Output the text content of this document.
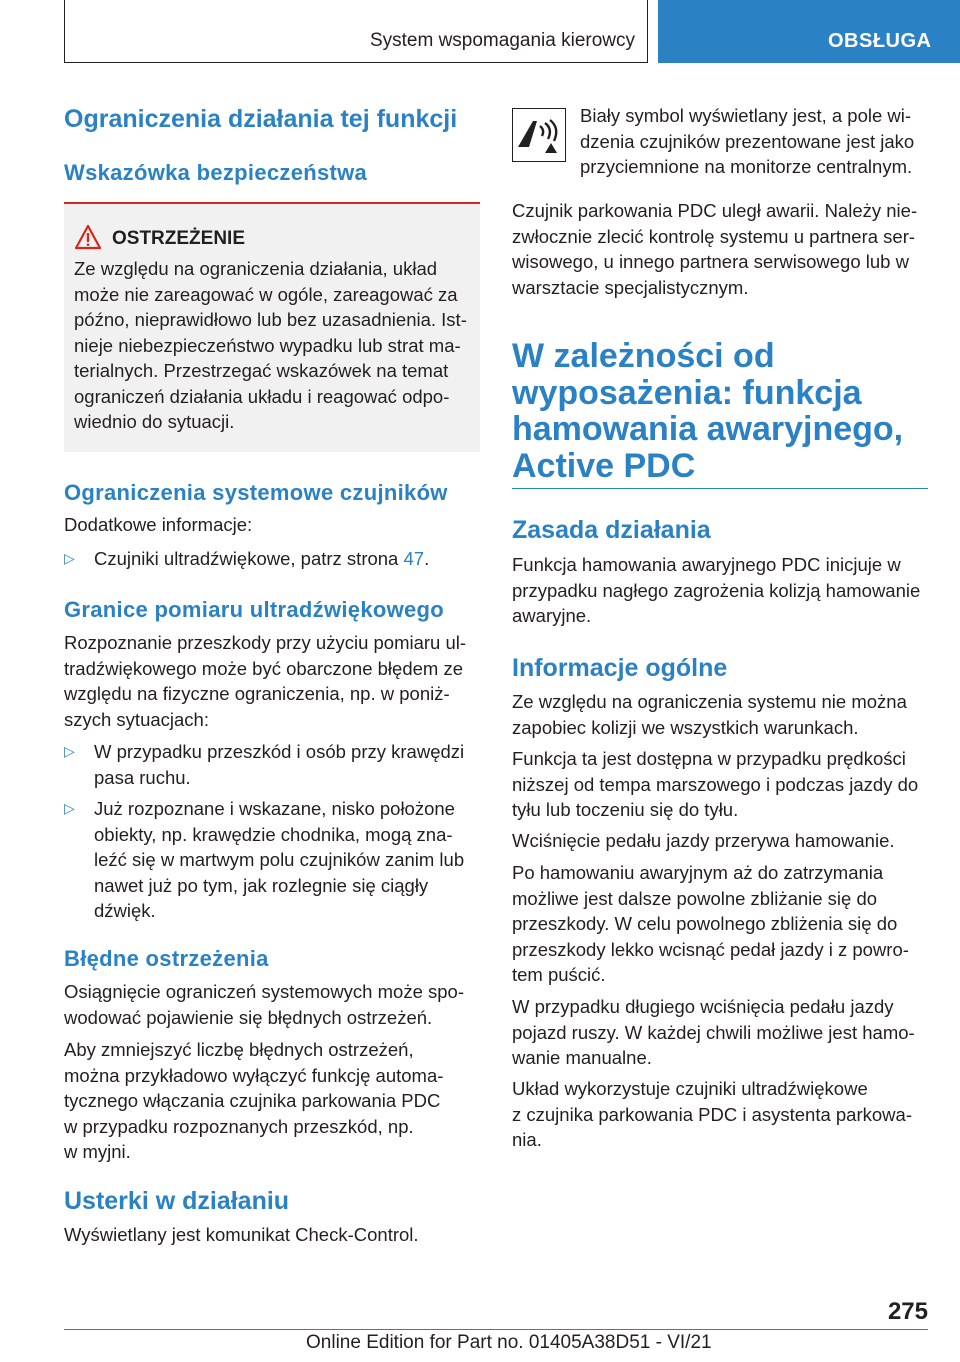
System wspomagania kierowcy	OBSŁUGA
Ograniczenia działania tej funkcji
Wskazówka bezpieczeństwa
OSTRZEŻENIE
Ze względu na ograniczenia działania, układ
może nie zareagować w ogóle, zareagować za
późno, nieprawidłowo lub bez uzasadnienia. Ist-
nieje niebezpieczeństwo wypadku lub strat ma-
terialnych. Przestrzegać wskazówek na temat
ograniczeń działania układu i reagować odpo-
wiednio do sytuacji.
Ograniczenia systemowe czujników

Dodatkowe informacje:

▷ Czujniki ultradźwiękowe, patrz strona 47.
Granice pomiaru ultradźwiękowego
Rozpoznanie przeszkody przy użyciu pomiaru ul-
tradźwiękowego może być obarczone błędem ze
względu na fizyczne ograniczenia, np. w poniż-
szych sytuacjach:
▷ W przypadku przeszkód i osób przy krawędzi
pasa ruchu.
▷ Już rozpoznane i wskazane, nisko położone
obiekty, np. krawędzie chodnika, mogą zna-
leźć się w martwym polu czujników zanim lub
nawet już po tym, jak rozlegnie się ciągły
dźwięk.
Błędne ostrzeżenia
Osiągnięcie ograniczeń systemowych może spo-
wodować pojawienie się błędnych ostrzeżeń.
Aby zmniejszyć liczbę błędnych ostrzeżeń,
można przykładowo wyłączyć funkcję automa-
tycznego włączania czujnika parkowania PDC
w przypadku rozpoznanych przeszkód, np.
w myjni.
Usterki w działaniu

Wyświetlany jest komunikat Check-Control.

Biały symbol wyświetlany jest, a pole wi-
dzenia czujników prezentowane jest jako
przyciemnione na monitorze centralnym.
Czujnik parkowania PDC uległ awarii. Należy nie-
zwłocznie zlecić kontrolę systemu u partnera ser-
wisowego, u innego partnera serwisowego lub w
warsztacie specjalistycznym.
W zależności od
wyposażenia: funkcja
hamowania awaryjnego,
Active PDC
Zasada działania
Funkcja hamowania awaryjnego PDC inicjuje w
przypadku nagłego zagrożenia kolizją hamowanie
awaryjne.
Informacje ogólne
Ze względu na ograniczenia systemu nie można
zapobiec kolizji we wszystkich warunkach.
Funkcja ta jest dostępna w przypadku prędkości
niższej od tempa marszowego i podczas jazdy do
tyłu lub toczeniu się do tyłu.
Wciśnięcie pedału jazdy przerywa hamowanie.
Po hamowaniu awaryjnym aż do zatrzymania
możliwe jest dalsze powolne zbliżanie się do
przeszkody. W celu powolnego zbliżenia się do
przeszkody lekko wcisnąć pedał jazdy i z powro-
tem puścić.
W przypadku długiego wciśnięcia pedału jazdy
pojazd ruszy. W każdej chwili możliwe jest hamo-
wanie manualne.
Układ wykorzystuje czujniki ultradźwiękowe
z czujnika parkowania PDC i asystenta parkowa-
nia.
275
Online Edition for Part no. 01405A38D51 - VI/21
